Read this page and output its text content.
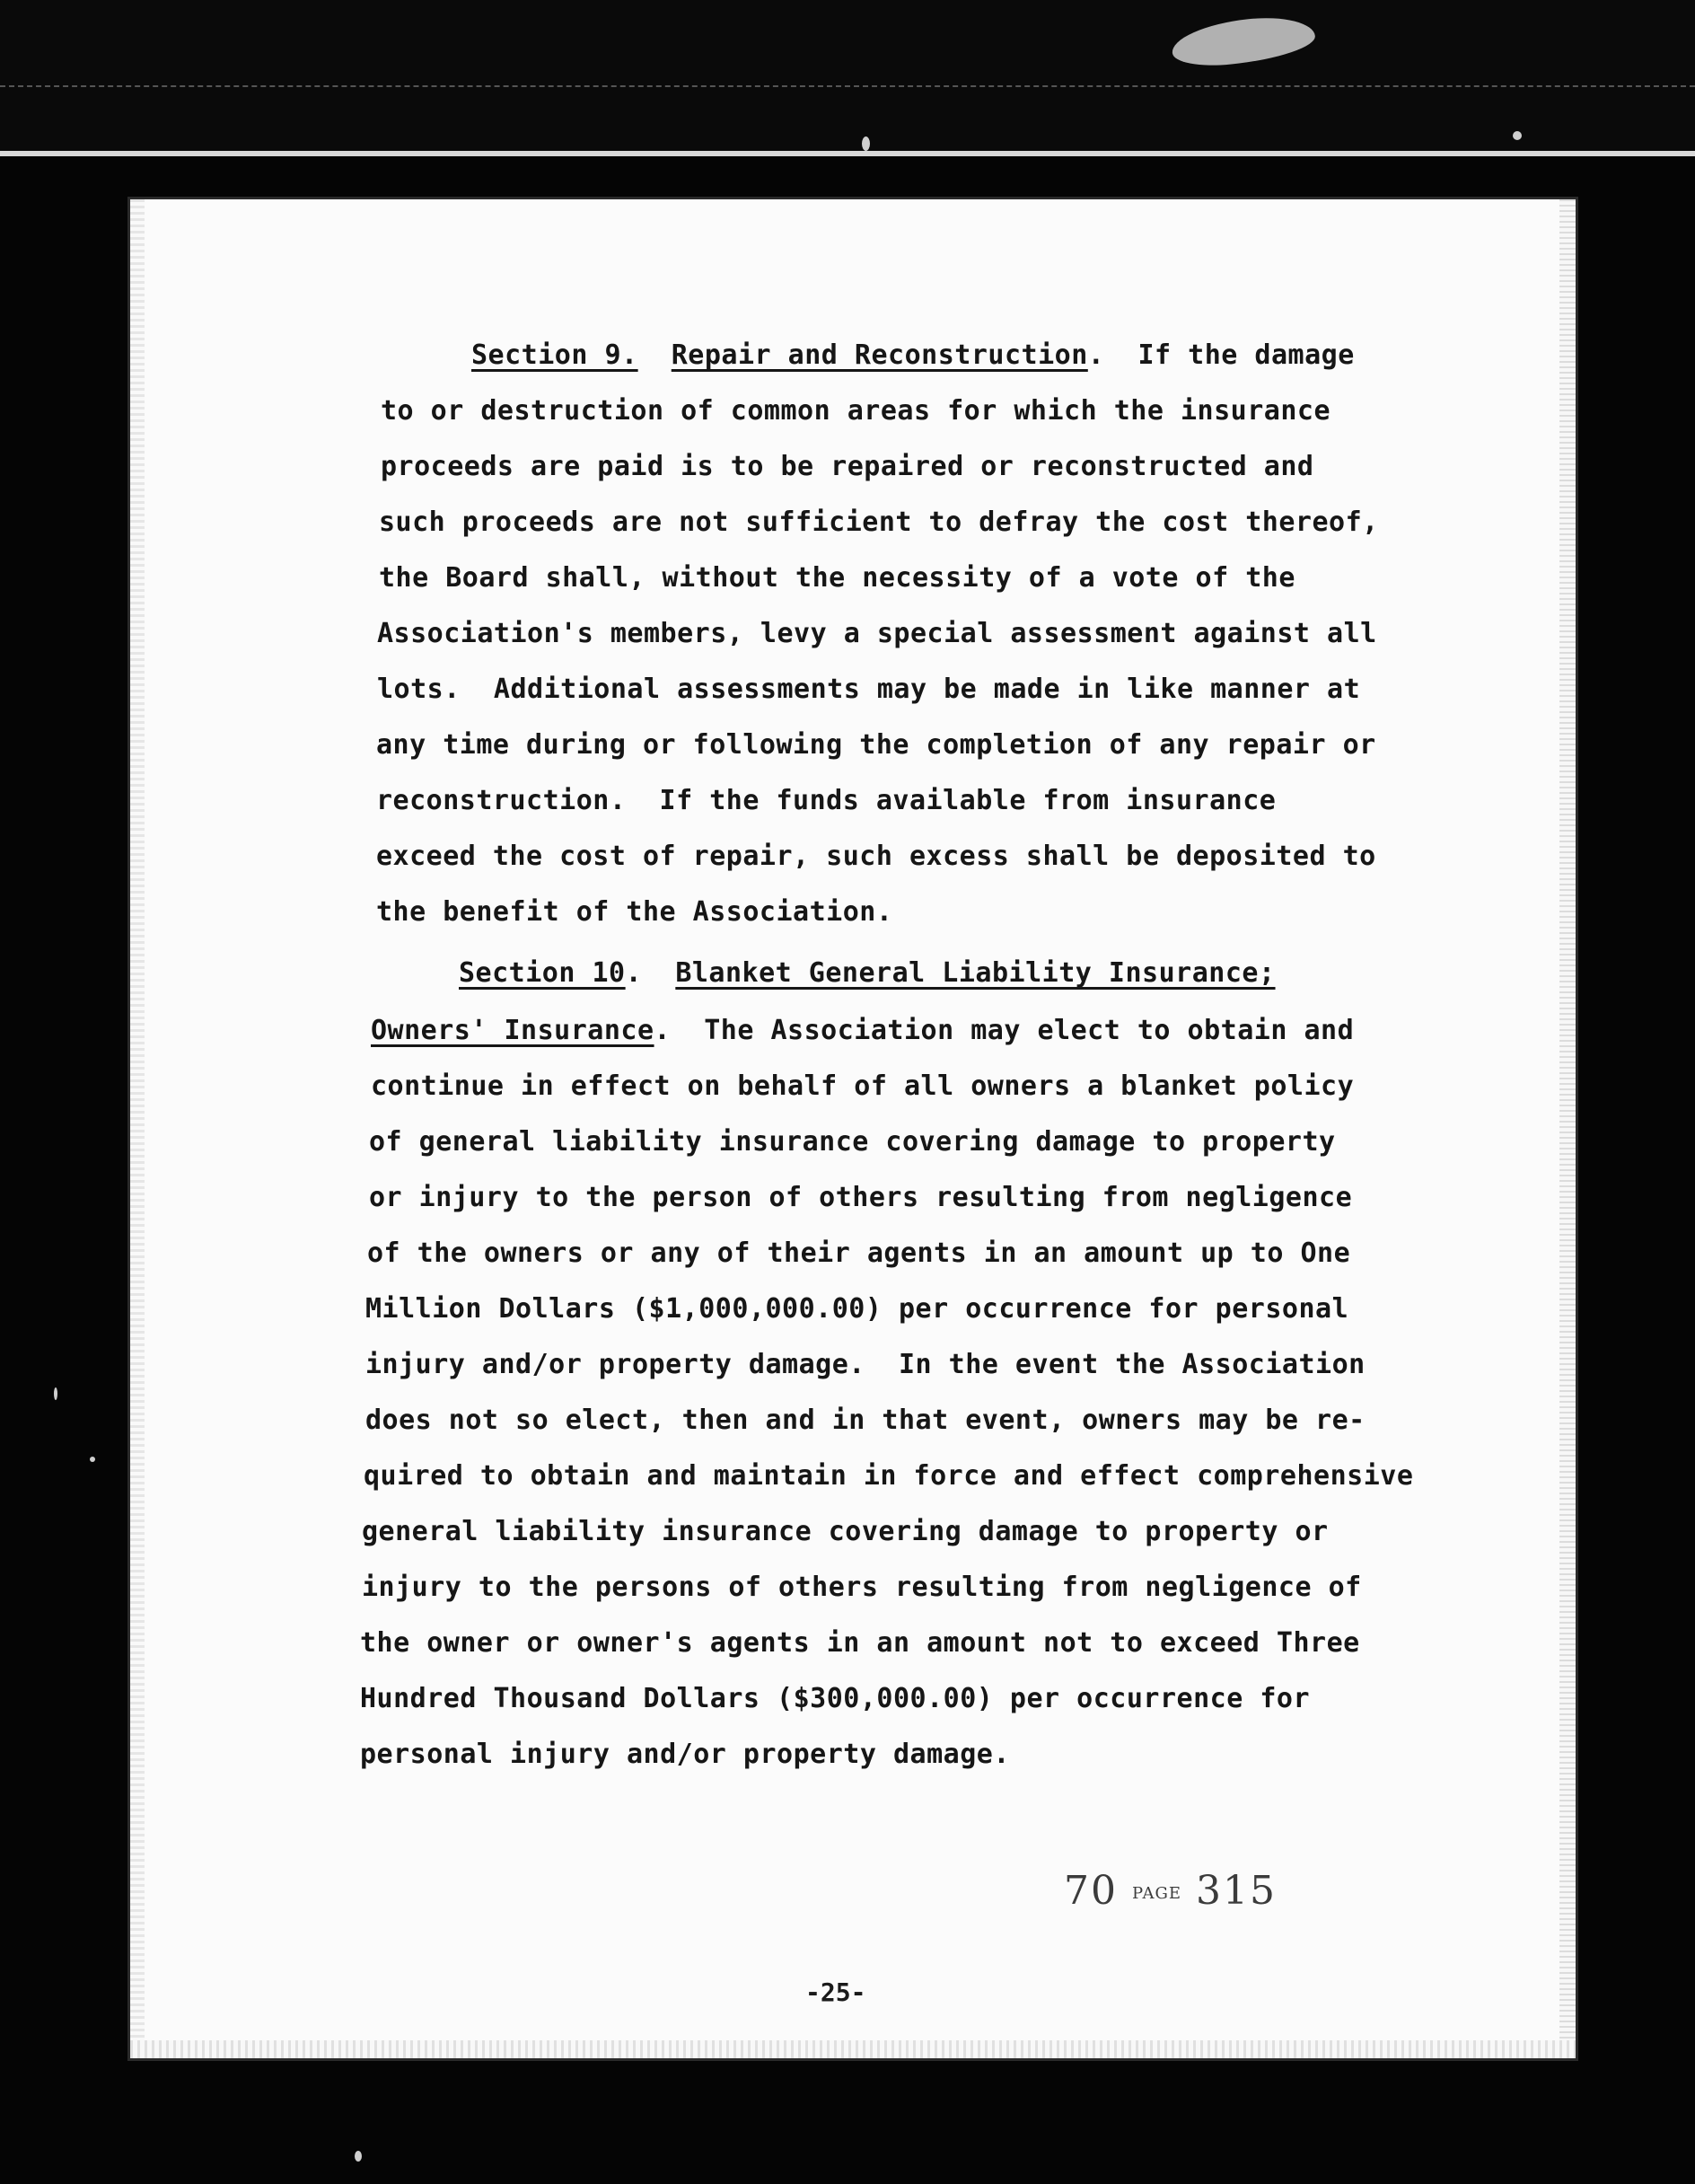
Section 9. Repair and Reconstruction.  If the damage
to or destruction of common areas for which the insurance
proceeds are paid is to be repaired or reconstructed and
such proceeds are not sufficient to defray the cost thereof,
the Board shall, without the necessity of a vote of the
Association's members, levy a special assessment against all
lots.  Additional assessments may be made in like manner at
any time during or following the completion of any repair or
reconstruction.  If the funds available from insurance
exceed the cost of repair, such excess shall be deposited to
the benefit of the Association.
Section 10.  Blanket General Liability Insurance;
Owners' Insurance.  The Association may elect to obtain and
continue in effect on behalf of all owners a blanket policy
of general liability insurance covering damage to property
or injury to the person of others resulting from negligence
of the owners or any of their agents in an amount up to One
Million Dollars ($1,000,000.00) per occurrence for personal
injury and/or property damage.  In the event the Association
does not so elect, then and in that event, owners may be re-
quired to obtain and maintain in force and effect comprehensive
general liability insurance covering damage to property or
injury to the persons of others resulting from negligence of
the owner or owner's agents in an amount not to exceed Three
Hundred Thousand Dollars ($300,000.00) per occurrence for
personal injury and/or property damage.
70 PAGE 315
-25-
